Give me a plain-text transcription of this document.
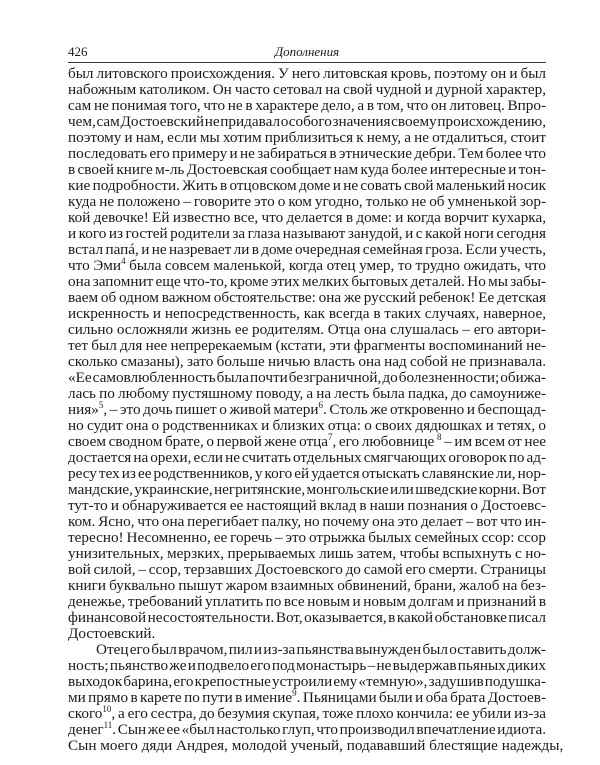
426	Дополнения
был литовского происхождения. У него литовская кровь, поэтому он и был
набожным католиком. Он часто сетовал на свой чудной и дурной характер,
сам не понимая того, что не в характере дело, а в том, что он литовец. Впро-
чем, сам Достоевский не придавал особого значения своему происхождению,
поэтому и нам, если мы хотим приблизиться к нему, а не отдалиться, стоит
последовать его примеру и не забираться в этнические дебри. Тем более что
в своей книге м-ль Достоевская сообщает нам куда более интересные и тон-
кие подробности. Жить в отцовском доме и не совать свой маленький носик
куда не положено – говорите это о ком угодно, только не об умненькой зор-
кой девочке! Ей известно все, что делается в доме: и когда ворчит кухарка,
и кого из гостей родители за глаза называют занудой, и с какой ноги сегодня
встал папá, и не назревает ли в доме очередная семейная гроза. Если учесть,
что Эми$^4$ была совсем маленькой, когда отец умер, то трудно ожидать, что
она запомнит еще что-то, кроме этих мелких бытовых деталей. Но мы забы-
ваем об одном важном обстоятельстве: она же русский ребенок! Ее детская
искренность и непосредственность, как всегда в таких случаях, наверное,
сильно осложняли жизнь ее родителям. Отца она слушалась – его автори-
тет был для нее непререкаемым (кстати, эти фрагменты воспоминаний не-
сколько смазаны), зато больше ничью власть она над собой не признавала.
«Ее самовлюбленность была почти безграничной, до болезненности; обижа-
лась по любому пустяшному поводу, а на лесть была падка, до самоуниже-
ния»$^5$, – это дочь пишет о живой матери$^6$. Столь же откровенно и беспощад-
но судит она о родственниках и близких отца: о своих дядюшках и тетях, о
своем сводном брате, о первой жене отца$^7$, его любовнице $^8$ – им всем от нее
достается на орехи, если не считать отдельных смягчающих оговорок по ад-
ресу тех из ее родственников, у кого ей удается отыскать славянские ли, нор-
мандские, украинские, негритянские, монгольские или шведские корни. Вот
тут-то и обнаруживается ее настоящий вклад в наши познания о Достоевс-
ком. Ясно, что она перегибает палку, но почему она это делает – вот что ин-
тересно! Несомненно, ее горечь – это отрыжка былых семейных ссор: ссор
унизительных, мерзких, прерываемых лишь затем, чтобы вспыхнуть с но-
вой силой, – ссор, терзавших Достоевского до самой его смерти. Страницы
книги буквально пышут жаром взаимных обвинений, брани, жалоб на без-
денежье, требований уплатить по все новым и новым долгам и признаний в
финансовой несостоятельности. Вот, оказывается, в какой обстановке писал
Достоевский.
Отец его был врачом, пил и из-за пьянства вынужден был оставить долж-
ность; пьянство же и подвело его под монастырь – не выдержав пьяных диких
выходок барина, его крепостные устроили ему «темную», задушив подушка-
ми прямо в карете по пути в имение$^9$. Пьяницами были и оба брата Достоев-
ского$^{10}$, а его сестра, до безумия скупая, тоже плохо кончила: ее убили из-за
денег$^{11}$. Сын же ее «был настолько глуп, что производил впечатление идиота.
Сын моего дяди Андрея, молодой ученый, подававший блестящие надежды,
